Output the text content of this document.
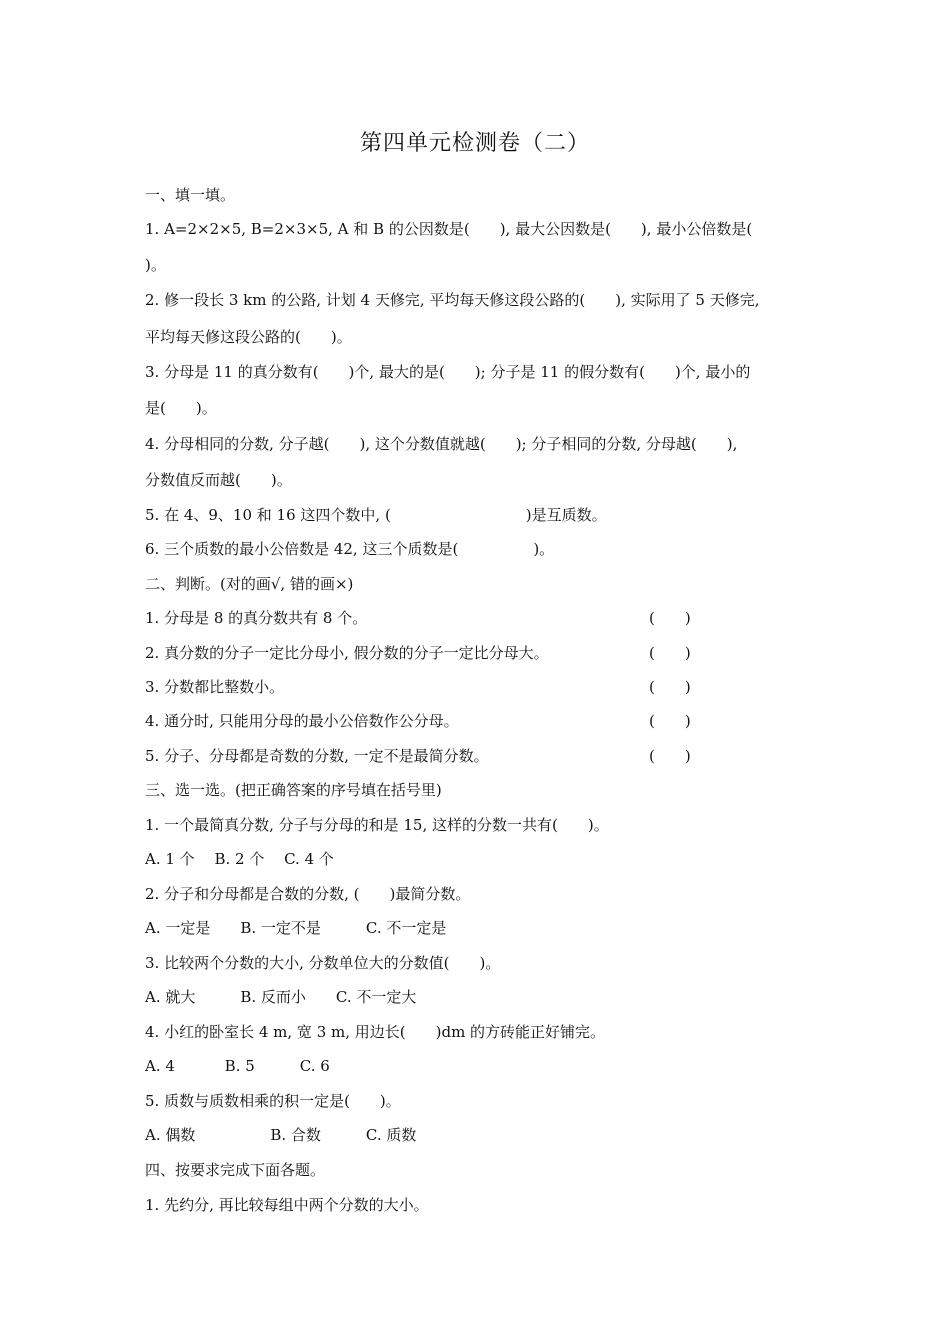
第四单元检测卷（二）
一、填一填。
1. A=2×2×5, B=2×3×5, A 和 B 的公因数是(　　), 最大公因数是(　　), 最小公倍数是(
)。
2. 修一段长 3 km 的公路, 计划 4 天修完, 平均每天修这段公路的(　　), 实际用了 5 天修完,
平均每天修这段公路的(　　)。
3. 分母是 11 的真分数有(　　)个, 最大的是(　　); 分子是 11 的假分数有(　　)个, 最小的
是(　　)。
4. 分母相同的分数, 分子越(　　), 这个分数值就越(　　); 分子相同的分数, 分母越(　　),
分数值反而越(　　)。
5. 在 4、9、10 和 16 这四个数中, (　　　　　　　　　)是互质数。
6. 三个质数的最小公倍数是 42, 这三个质数是(　　　　　)。
二、判断。(对的画√, 错的画×)
1. 分母是 8 的真分数共有 8 个。
2. 真分数的分子一定比分母小, 假分数的分子一定比分母大。
3. 分数都比整数小。
4. 通分时, 只能用分母的最小公倍数作公分母。
5. 分子、分母都是奇数的分数, 一定不是最简分数。
三、选一选。(把正确答案的序号填在括号里)
1. 一个最简真分数, 分子与分母的和是 15, 这样的分数一共有(　　)。
A. 1 个　 B. 2 个　 C. 4 个
2. 分子和分母都是合数的分数, (　　)最简分数。
A. 一定是　　B. 一定不是　　　C. 不一定是
3. 比较两个分数的大小, 分数单位大的分数值(　　)。
A. 就大　　　B. 反而小　　C. 不一定大
4. 小红的卧室长 4 m, 宽 3 m, 用边长(　　)dm 的方砖能正好铺完。
A. 4　　　 B. 5　　　C. 6
5. 质数与质数相乘的积一定是(　　)。
A. 偶数　　　　　B. 合数　　　C. 质数
四、按要求完成下面各题。
1. 先约分, 再比较每组中两个分数的大小。
(　　)
(　　)
(　　)
(　　)
(　　)
